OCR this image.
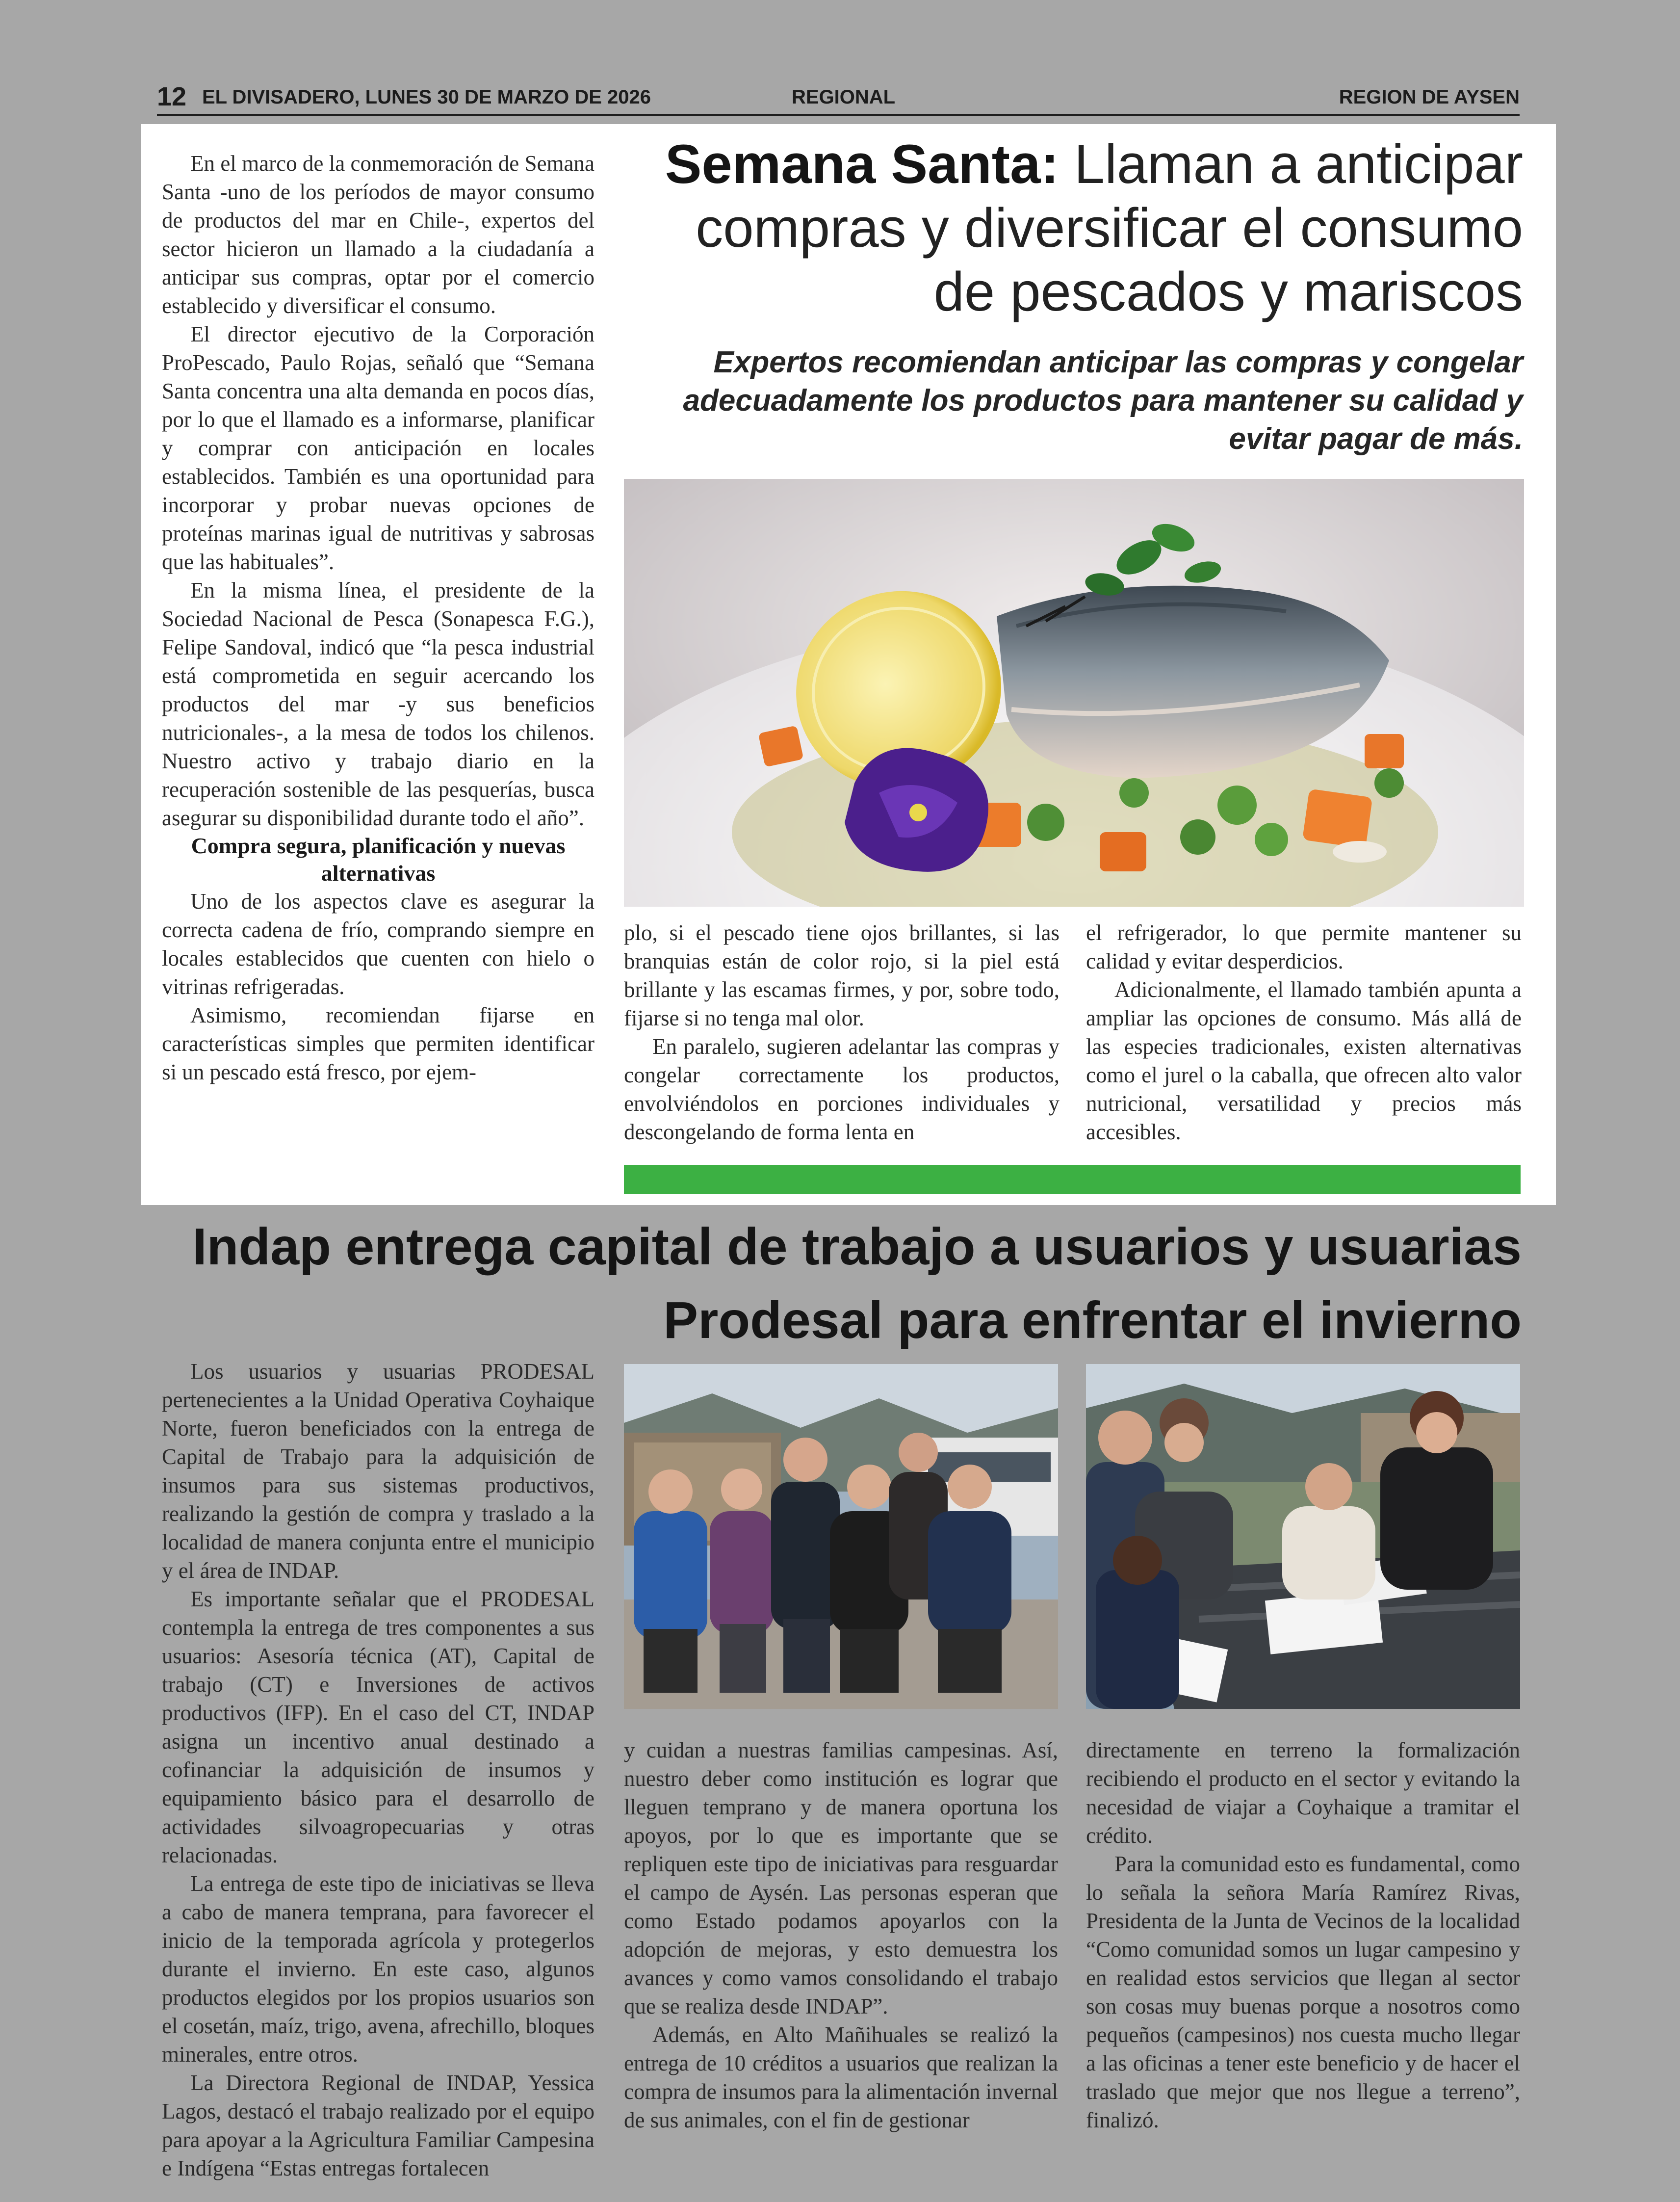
12 EL DIVISADERO, LUNES 30 DE MARZO DE 2026	REGIONAL	REGION DE AYSEN
Semana Santa: Llaman a anticipar compras y diversificar el consumo de pescados y mariscos
Expertos recomiendan anticipar las compras y congelar adecuadamente los productos para mantener su calidad y evitar pagar de más.

En el marco de la conmemoración de Semana Santa -uno de los períodos de mayor consumo de productos del mar en Chile-, expertos del sector hicieron un llamado a la ciudadanía a anticipar sus compras, optar por el comercio establecido y diversificar el consumo.

El director ejecutivo de la Corporación ProPescado, Paulo Rojas, señaló que “Semana Santa concentra una alta demanda en pocos días, por lo que el llamado es a informarse, planificar y comprar con anticipación en locales establecidos. También es una oportunidad para incorporar y probar nuevas opciones de proteínas marinas igual de nutritivas y sabrosas que las habituales”.

En la misma línea, el presidente de la Sociedad Nacional de Pesca (Sonapesca F.G.), Felipe Sandoval, indicó que “la pesca industrial está comprometida en seguir acercando los productos del mar -y sus beneficios nutricionales-, a la mesa de todos los chilenos. Nuestro activo y trabajo diario en la recuperación sostenible de las pesquerías, busca asegurar su disponibilidad durante todo el año”.

Compra segura, planificación y nuevas alternativas

Uno de los aspectos clave es asegurar la correcta cadena de frío, comprando siempre en locales establecidos que cuenten con hielo o vitrinas refrigeradas.

Asimismo, recomiendan fijarse en características simples que permiten identificar si un pescado está fresco, por ejem-

plo, si el pescado tiene ojos brillantes, si las branquias están de color rojo, si la piel está brillante y las escamas firmes, y por, sobre todo, fijarse si no tenga mal olor.

En paralelo, sugieren adelantar las compras y congelar correctamente los productos, envolviéndolos en porciones individuales y descongelando de forma lenta en

el refrigerador, lo que permite mantener su calidad y evitar desperdicios.

Adicionalmente, el llamado también apunta a ampliar las opciones de consumo. Más allá de las especies tradicionales, existen alternativas como el jurel o la caballa, que ofrecen alto valor nutricional, versatilidad y precios más accesibles.

Indap entrega capital de trabajo a usuarios y usuarias Prodesal para enfrentar el invierno

Los usuarios y usuarias PRODESAL pertenecientes a la Unidad Operativa Coyhaique Norte, fueron beneficiados con la entrega de Capital de Trabajo para la adquisición de insumos para sus sistemas productivos, realizando la gestión de compra y traslado a la localidad de manera conjunta entre el municipio y el área de INDAP.

Es importante señalar que el PRODESAL contempla la entrega de tres componentes a sus usuarios: Asesoría técnica (AT), Capital de trabajo (CT) e Inversiones de activos productivos (IFP). En el caso del CT, INDAP asigna un incentivo anual destinado a cofinanciar la adquisición de insumos y equipamiento básico para el desarrollo de actividades silvoagropecuarias y otras relacionadas.

La entrega de este tipo de iniciativas se lleva a cabo de manera temprana, para favorecer el inicio de la temporada agrícola y protegerlos durante el invierno. En este caso, algunos productos elegidos por los propios usuarios son el cosetán, maíz, trigo, avena, afrechillo, bloques minerales, entre otros.

La Directora Regional de INDAP, Yessica Lagos, destacó el trabajo realizado por el equipo para apoyar a la Agricultura Familiar Campesina e Indígena “Estas entregas fortalecen

y cuidan a nuestras familias campesinas. Así, nuestro deber como institución es lograr que lleguen temprano y de manera oportuna los apoyos, por lo que es importante que se repliquen este tipo de iniciativas para resguardar el campo de Aysén. Las personas esperan que como Estado podamos apoyarlos con la adopción de mejoras, y esto demuestra los avances y como vamos consolidando el trabajo que se realiza desde INDAP”.

Además, en Alto Mañihuales se realizó la entrega de 10 créditos a usuarios que realizan la compra de insumos para la alimentación invernal de sus animales, con el fin de gestionar

directamente en terreno la formalización recibiendo el producto en el sector y evitando la necesidad de viajar a Coyhaique a tramitar el crédito.

Para la comunidad esto es fundamental, como lo señala la señora María Ramírez Rivas, Presidenta de la Junta de Vecinos de la localidad “Como comunidad somos un lugar campesino y en realidad estos servicios que llegan al sector son cosas muy buenas porque a nosotros como pequeños (campesinos) nos cuesta mucho llegar a las oficinas a tener este beneficio y de hacer el traslado que mejor que nos llegue a terreno”, finalizó.
